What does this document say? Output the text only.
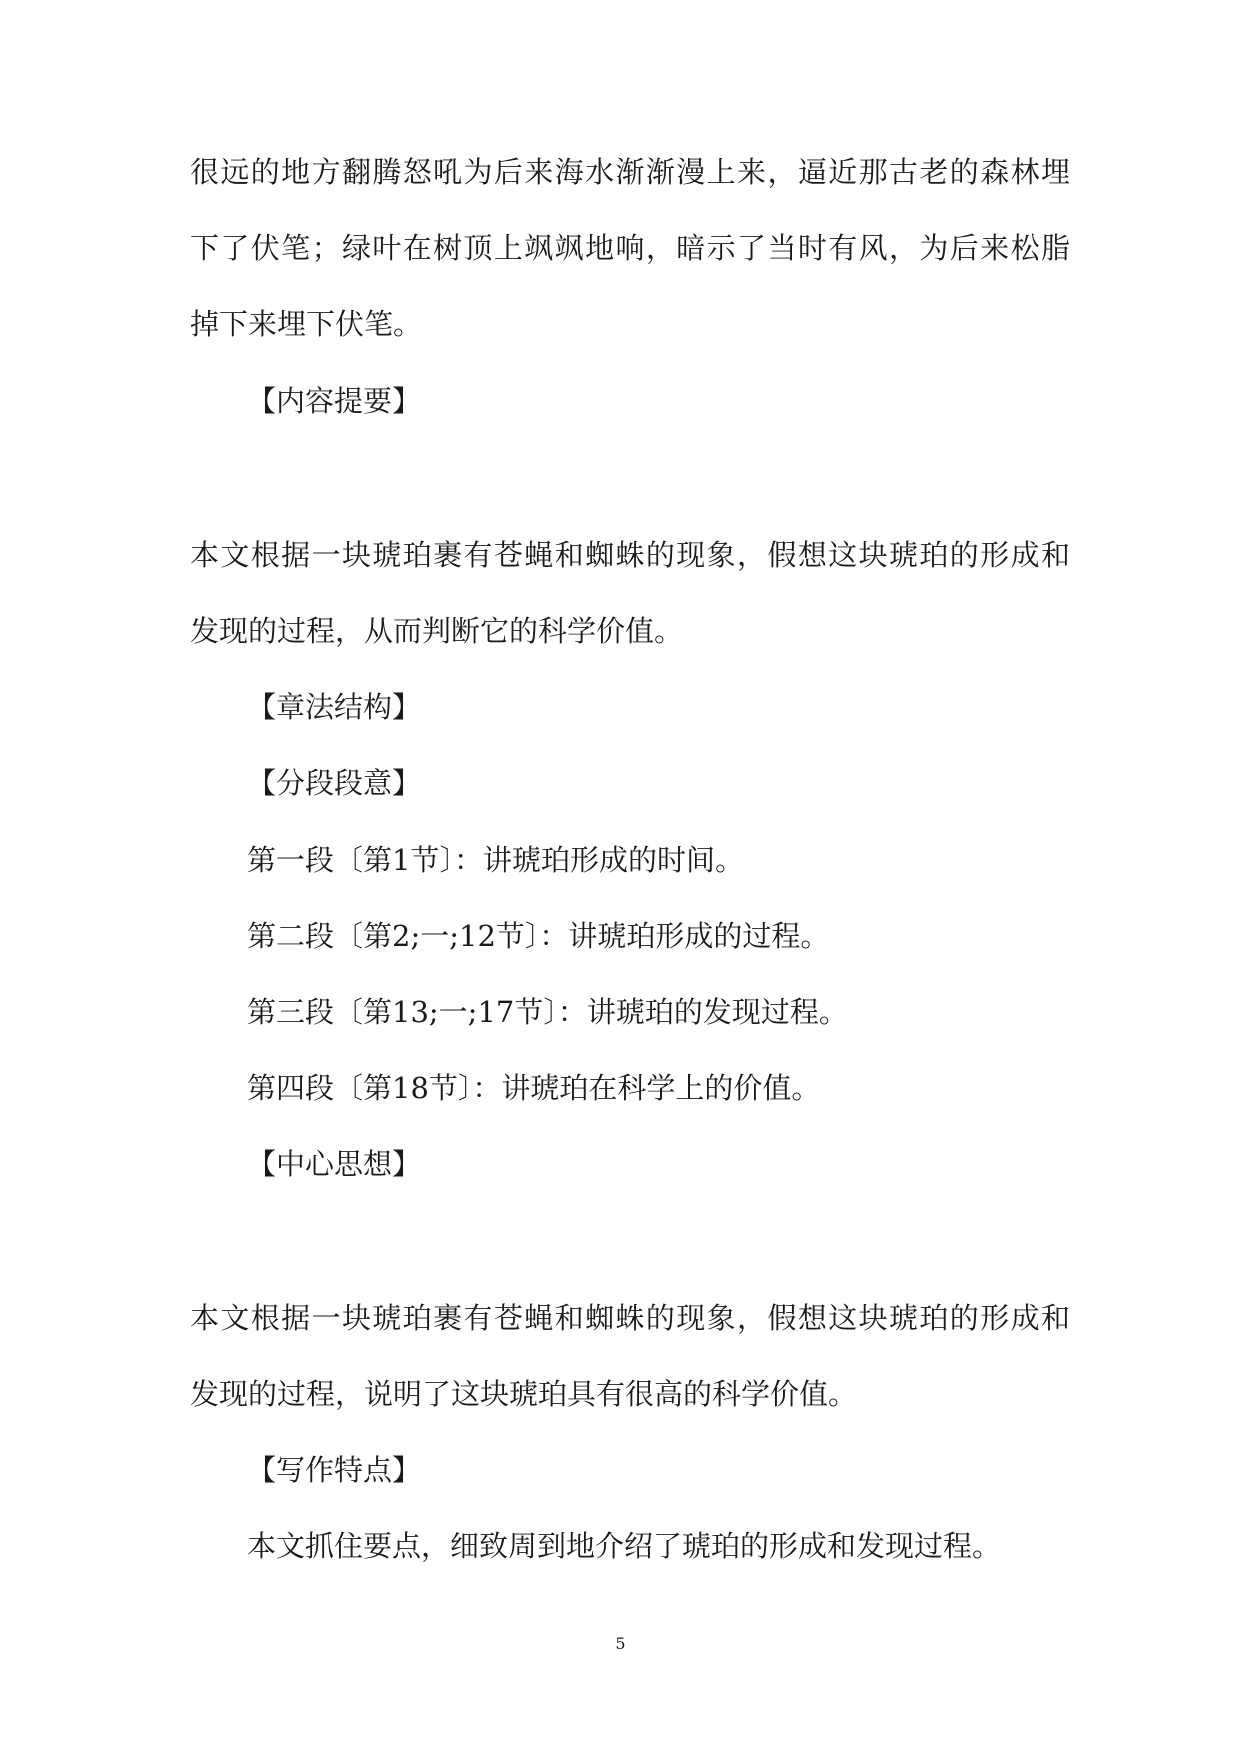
很远的地方翻腾怒吼为后来海水渐渐漫上来，逼近那古老的森林埋
下了伏笔；绿叶在树顶上飒飒地响，暗示了当时有风，为后来松脂
掉下来埋下伏笔。
【内容提要】
本文根据一块琥珀裹有苍蝇和蜘蛛的现象，假想这块琥珀的形成和
发现的过程，从而判断它的科学价值。
【章法结构】
【分段段意】
第一段〔第1节〕：讲琥珀形成的时间。
第二段〔第2;一;12节〕：讲琥珀形成的过程。
第三段〔第13;一;17节〕：讲琥珀的发现过程。
第四段〔第18节〕：讲琥珀在科学上的价值。
【中心思想】
本文根据一块琥珀裹有苍蝇和蜘蛛的现象，假想这块琥珀的形成和
发现的过程，说明了这块琥珀具有很高的科学价值。
【写作特点】
本文抓住要点，细致周到地介绍了琥珀的形成和发现过程。
5
